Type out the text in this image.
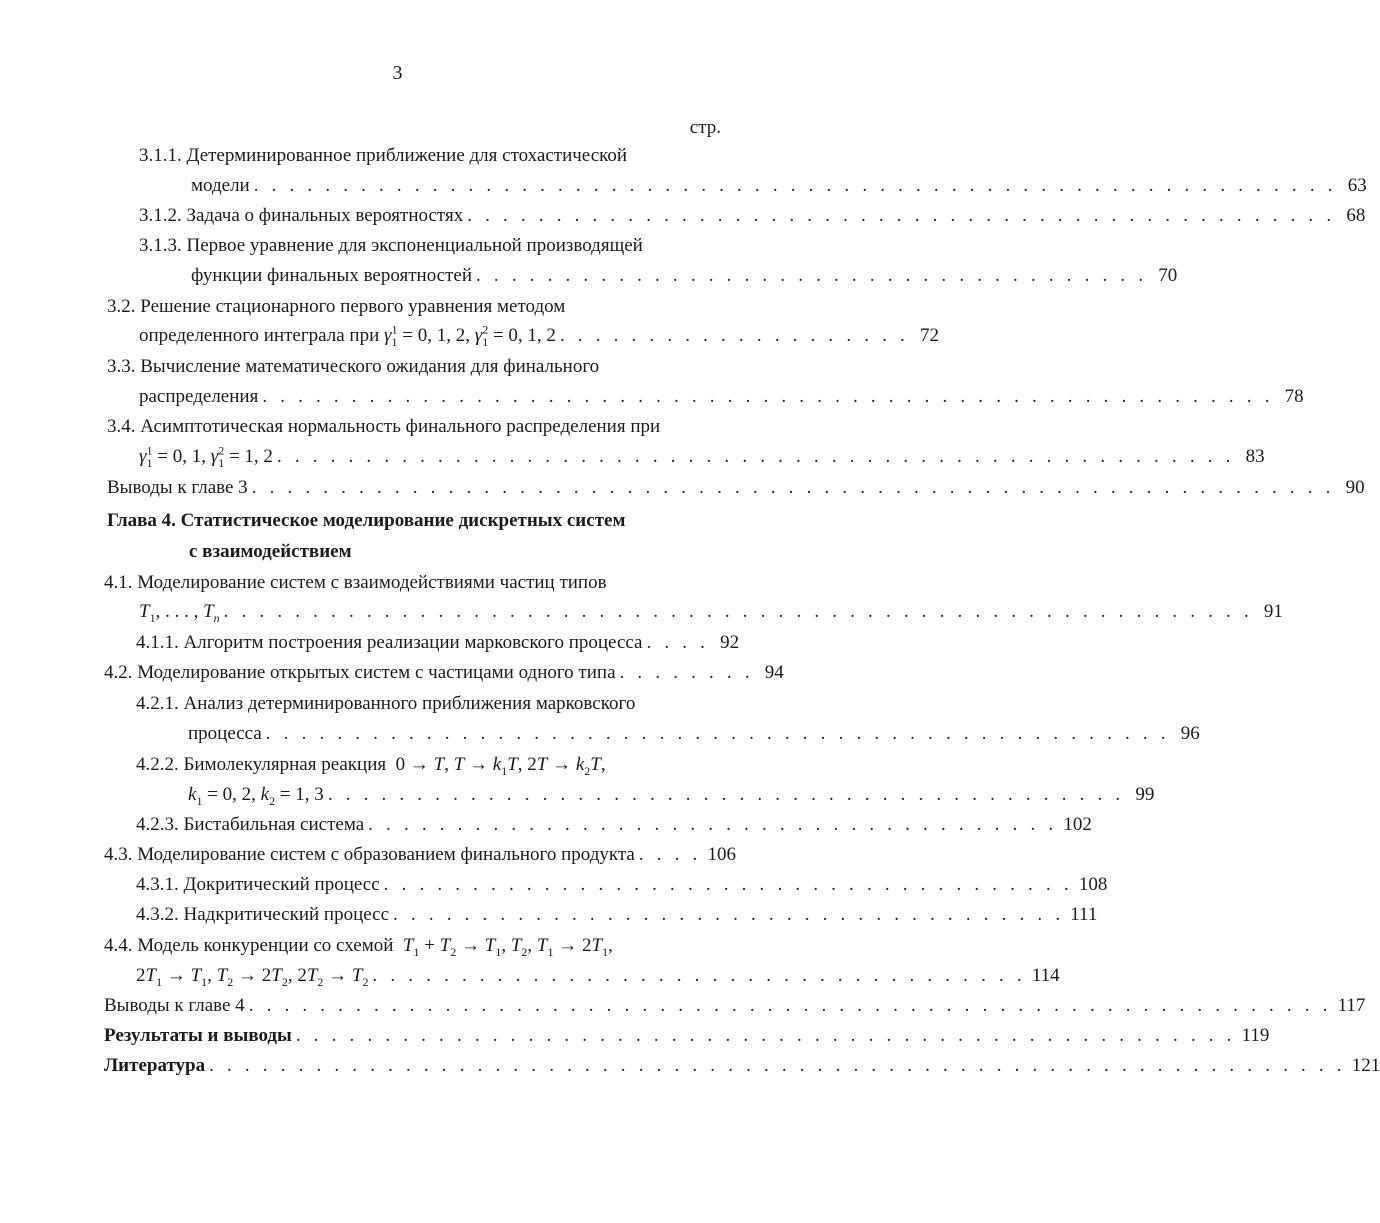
3
стр.
3.1.1. Детерминированное приближение для стохастической
модели . . . . . . . . . . . . . . . . . . . . . . . . . . . . . . . . . . . . . . . . . . . . . . . . . . . . . . . . . . . . . 63
3.1.2. Задача о финальных вероятностях . . . . . . . . . . . . . . . . . . . . . . . . . . . . . . . . . . . . . . . . . . . . . . . . . 68
3.1.3. Первое уравнение для экспоненциальной производящей
функции финальных вероятностей . . . . . . . . . . . . . . . . . . . . . . . . . . . . . . . . . . . . . . 70
3.2. Решение стационарного первого уравнения методом
определенного интеграла при $\gamma^1_1 = 0$, 1, 2, $\gamma^2_1 = 0$, 1, 2 . . . . . . . . . . . . . . . . . . . . 72
3.3. Вычисление математического ожидания для финального
распределения . . . . . . . . . . . . . . . . . . . . . . . . . . . . . . . . . . . . . . . . . . . . . . . . . . . . . . . . . 78
3.4. Асимптотическая нормальность финального распределения при
$\gamma^1_1 = 0$, 1, $\gamma^2_1 = 1$, 2 . . . . . . . . . . . . . . . . . . . . . . . . . . . . . . . . . . . . . . . . . . . . . . . . . . . . . . 83
Выводы к главе 3 . . . . . . . . . . . . . . . . . . . . . . . . . . . . . . . . . . . . . . . . . . . . . . . . . . . . . . . . . . . . . 90
Глава 4. Статистическое моделирование дискретных систем
с взаимодействием
4.1. Моделирование систем с взаимодействиями частиц типов
$T_1$, . . . , $T_n$ . . . . . . . . . . . . . . . . . . . . . . . . . . . . . . . . . . . . . . . . . . . . . . . . . . . . . . . . . . 91
4.1.1. Алгоритм построения реализации марковского процесса . . . . 92
4.2. Моделирование открытых систем с частицами одного типа . . . . . . . . 94
4.2.1. Анализ детерминированного приближения марковского
процесса . . . . . . . . . . . . . . . . . . . . . . . . . . . . . . . . . . . . . . . . . . . . . . . . . . . 96
4.2.2. Бимолекулярная реакция  0 → T, $T \to k_1T$, $2T \to k_2T$,
$k_1 = 0$, 2, $k_2 = 1$, 3 . . . . . . . . . . . . . . . . . . . . . . . . . . . . . . . . . . . . . . . . . . . . . 99
4.2.3. Бистабильная система . . . . . . . . . . . . . . . . . . . . . . . . . . . . . . . . . . . . . . . 102
4.3. Моделирование систем с образованием финального продукта . . . . 106
4.3.1. Докритический процесс . . . . . . . . . . . . . . . . . . . . . . . . . . . . . . . . . . . . . . . 108
4.3.2. Надкритический процесс . . . . . . . . . . . . . . . . . . . . . . . . . . . . . . . . . . . . . . 111
4.4. Модель конкуренции со схемой $T_1 + T_2 \to T_1$, $T_2$, $T_1 \to 2T_1$,
$2T_1 \to T_1$, $T_2 \to 2T_2$, $2T_2 \to T_2$ . . . . . . . . . . . . . . . . . . . . . . . . . . . . . . . . . . . . . 114
Выводы к главе 4 . . . . . . . . . . . . . . . . . . . . . . . . . . . . . . . . . . . . . . . . . . . . . . . . . . . . . . . . . . . . . 117
Результаты и выводы . . . . . . . . . . . . . . . . . . . . . . . . . . . . . . . . . . . . . . . . . . . . . . . . . . . . . 119
Литература . . . . . . . . . . . . . . . . . . . . . . . . . . . . . . . . . . . . . . . . . . . . . . . . . . . . . . . . . . . . . . . . 121
